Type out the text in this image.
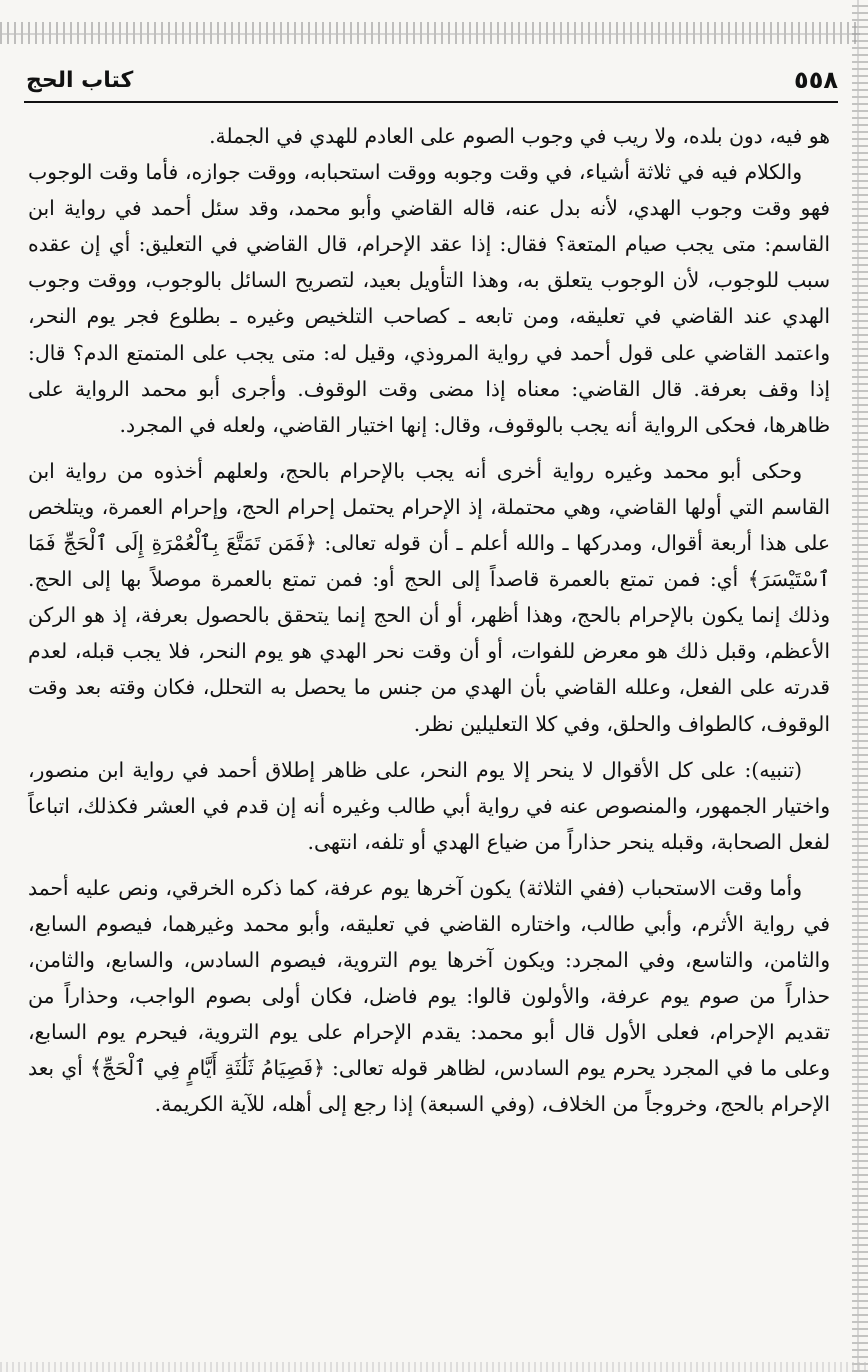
٥٥٨
كتاب الحج

هو فيه، دون بلده، ولا ريب في وجوب الصوم على العادم للهدي في الجملة.

والكلام فيه في ثلاثة أشياء، في وقت وجوبه ووقت استحبابه، ووقت جوازه، فأما وقت الوجوب فهو وقت وجوب الهدي، لأنه بدل عنه، قاله القاضي وأبو محمد، وقد سئل أحمد في رواية ابن القاسم: متى يجب صيام المتعة؟ فقال: إذا عقد الإحرام، قال القاضي في التعليق: أي إن عقده سبب للوجوب، لأن الوجوب يتعلق به، وهذا التأويل بعيد، لتصريح السائل بالوجوب، ووقت وجوب الهدي عند القاضي في تعليقه، ومن تابعه ـ كصاحب التلخيص وغيره ـ بطلوع فجر يوم النحر، واعتمد القاضي على قول أحمد في رواية المروذي، وقيل له: متى يجب على المتمتع الدم؟ قال: إذا وقف بعرفة. قال القاضي: معناه إذا مضى وقت الوقوف. وأجرى أبو محمد الرواية على ظاهرها، فحكى الرواية أنه يجب بالوقوف، وقال: إنها اختيار القاضي، ولعله في المجرد.

وحكى أبو محمد وغيره رواية أخرى أنه يجب بالإحرام بالحج، ولعلهم أخذوه من رواية ابن القاسم التي أولها القاضي، وهي محتملة، إذ الإحرام يحتمل إحرام الحج، وإحرام العمرة، ويتلخص على هذا أربعة أقوال، ومدركها ـ والله أعلم ـ أن قوله تعالى: ﴿فَمَن تَمَتَّعَ بِٱلْعُمْرَةِ إِلَى ٱلْحَجِّ فَمَا ٱسْتَيْسَرَ﴾ أي: فمن تمتع بالعمرة قاصداً إلى الحج أو: فمن تمتع بالعمرة موصلاً بها إلى الحج. وذلك إنما يكون بالإحرام بالحج، وهذا أظهر، أو أن الحج إنما يتحقق بالحصول بعرفة، إذ هو الركن الأعظم، وقبل ذلك هو معرض للفوات، أو أن وقت نحر الهدي هو يوم النحر، فلا يجب قبله، لعدم قدرته على الفعل، وعلله القاضي بأن الهدي من جنس ما يحصل به التحلل، فكان وقته بعد وقت الوقوف، كالطواف والحلق، وفي كلا التعليلين نظر.

(تنبيه): على كل الأقوال لا ينحر إلا يوم النحر، على ظاهر إطلاق أحمد في رواية ابن منصور، واختيار الجمهور، والمنصوص عنه في رواية أبي طالب وغيره أنه إن قدم في العشر فكذلك، اتباعاً لفعل الصحابة، وقبله ينحر حذاراً من ضياع الهدي أو تلفه، انتهى.

وأما وقت الاستحباب (ففي الثلاثة) يكون آخرها يوم عرفة، كما ذكره الخرقي، ونص عليه أحمد في رواية الأثرم، وأبي طالب، واختاره القاضي في تعليقه، وأبو محمد وغيرهما، فيصوم السابع، والثامن، والتاسع، وفي المجرد: ويكون آخرها يوم التروية، فيصوم السادس، والسابع، والثامن، حذاراً من صوم يوم عرفة، والأولون قالوا: يوم فاضل، فكان أولى بصوم الواجب، وحذاراً من تقديم الإحرام، فعلى الأول قال أبو محمد: يقدم الإحرام على يوم التروية، فيحرم يوم السابع، وعلى ما في المجرد يحرم يوم السادس، لظاهر قوله تعالى: ﴿فَصِيَامُ ثَلَٰثَةِ أَيَّامٍ فِي ٱلْحَجِّ﴾ أي بعد الإحرام بالحج، وخروجاً من الخلاف، (وفي السبعة) إذا رجع إلى أهله، للآية الكريمة.
